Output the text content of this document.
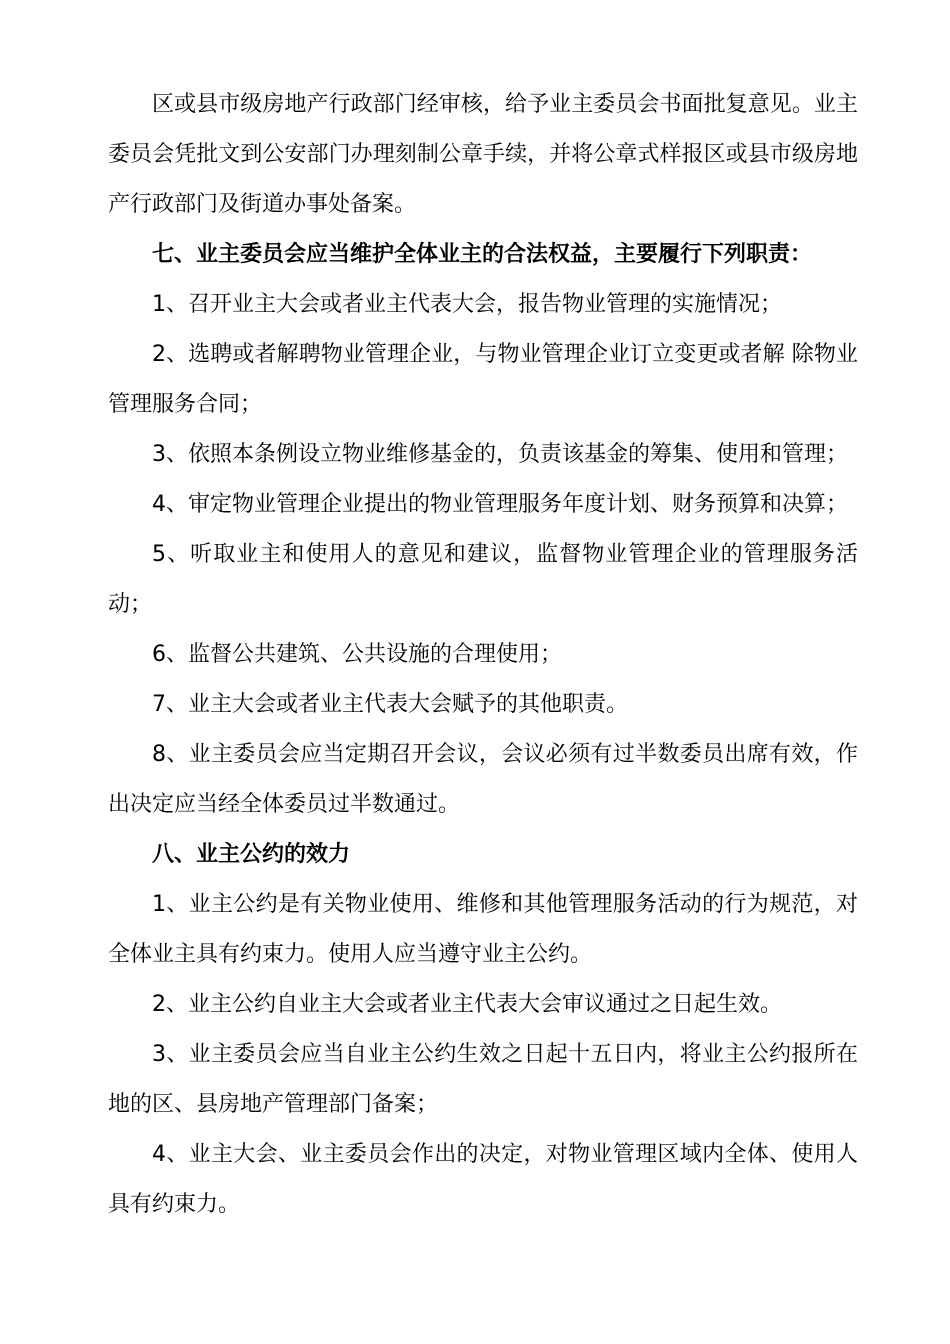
区或县市级房地产行政部门经审核，给予业主委员会书面批复意见。业主委员会凭批文到公安部门办理刻制公章手续，并将公章式样报区或县市级房地产行政部门及街道办事处备案。

七、业主委员会应当维护全体业主的合法权益，主要履行下列职责：

1、召开业主大会或者业主代表大会，报告物业管理的实施情况；

2、选聘或者解聘物业管理企业，与物业管理企业订立变更或者解 除物业管理服务合同；

3、依照本条例设立物业维修基金的，负责该基金的筹集、使用和管理；

4、审定物业管理企业提出的物业管理服务年度计划、财务预算和决算；

5、听取业主和使用人的意见和建议，监督物业管理企业的管理服务活动；

6、监督公共建筑、公共设施的合理使用；

7、业主大会或者业主代表大会赋予的其他职责。

8、业主委员会应当定期召开会议，会议必须有过半数委员出席有效，作出决定应当经全体委员过半数通过。

八、业主公约的效力

1、业主公约是有关物业使用、维修和其他管理服务活动的行为规范，对全体业主具有约束力。使用人应当遵守业主公约。

2、业主公约自业主大会或者业主代表大会审议通过之日起生效。

3、业主委员会应当自业主公约生效之日起十五日内，将业主公约报所在地的区、县房地产管理部门备案；

4、业主大会、业主委员会作出的决定，对物业管理区域内全体、使用人具有约束力。
